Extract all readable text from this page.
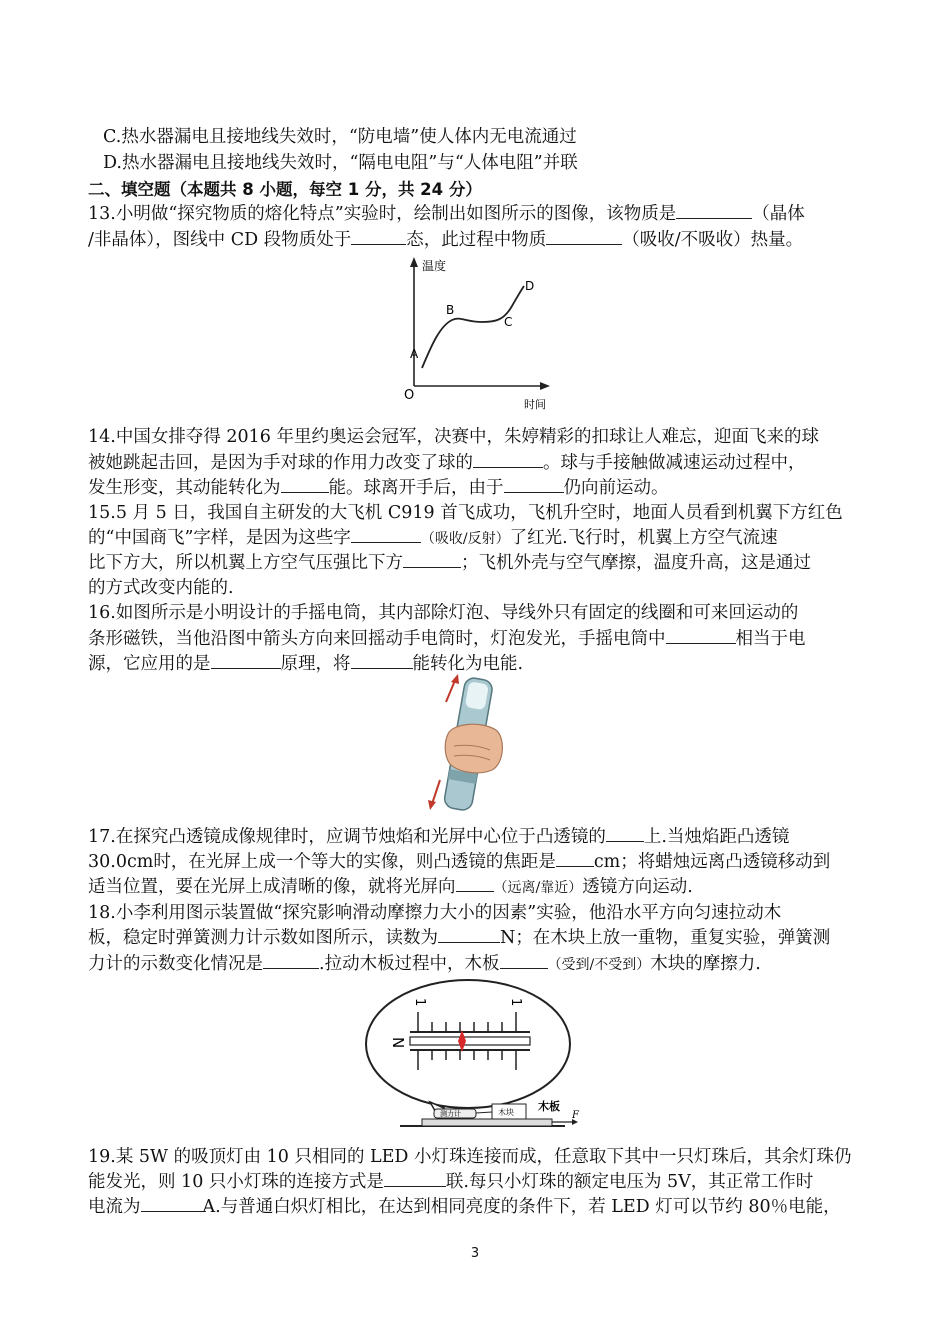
C.热水器漏电且接地线失效时，“防电墙”使人体内无电流通过
D.热水器漏电且接地线失效时，“隔电电阻”与“人体电阻”并联
二、填空题（本题共 8 小题，每空 1 分，共 24 分）
13.小明做“探究物质的熔化特点”实验时，绘制出如图所示的图像，该物质是	（晶体
/非晶体），图线中 CD 段物质处于	态，此过程中物质	（吸收/不吸收）热量。
温度
O
A
B
C
D
时间
14.中国女排夺得 2016 年里约奥运会冠军，决赛中，朱婷精彩的扣球让人难忘，迎面飞来的球
被她跳起击回，是因为手对球的作用力改变了球的	。球与手接触做减速运动过程中，
发生形变，其动能转化为	能。球离开手后，由于	仍向前运动。
15.5 月 5 日，我国自主研发的大飞机 C919 首飞成功，飞机升空时，地面人员看到机翼下方红色
的“中国商飞”字样，是因为这些字	（吸收/反射）了红光.飞行时，机翼上方空气流速
比下方大，所以机翼上方空气压强比下方	；飞机外壳与空气摩擦，温度升高，这是通过
的方式改变内能的.
16.如图所示是小明设计的手摇电筒，其内部除灯泡、导线外只有固定的线圈和可来回运动的
条形磁铁，当他沿图中箭头方向来回摇动手电筒时，灯泡发光，手摇电筒中	相当于电
源，它应用的是	原理，将	能转化为电能.
17.在探究凸透镜成像规律时，应调节烛焰和光屏中心位于凸透镜的 上.当烛焰距凸透镜
30.0cm时，在光屏上成一个等大的实像，则凸透镜的焦距是 cm；将蜡烛远离凸透镜移动到
适当位置，要在光屏上成清晰的像，就将光屏向	（远离/靠近）透镜方向运动.
18.小李利用图示装置做“探究影响滑动摩擦力大小的因素”实验，他沿水平方向匀速拉动木
板，稳定时弹簧测力计示数如图所示，读数为	N；在木块上放一重物，重复实验，弹簧测
力计的示数变化情况是	.拉动木板过程中，木板	（受到/不受到）木块的摩擦力.
1	1
N
测力计	木块 木板
F
19.某 5W 的吸顶灯由 10 只相同的 LED 小灯珠连接而成，任意取下其中一只灯珠后，其余灯珠仍
能发光，则 10 只小灯珠的连接方式是	联.每只小灯珠的额定电压为 5V，其正常工作时
电流为	A.与普通白炽灯相比，在达到相同亮度的条件下，若 LED 灯可以节约 80％电能，
3
